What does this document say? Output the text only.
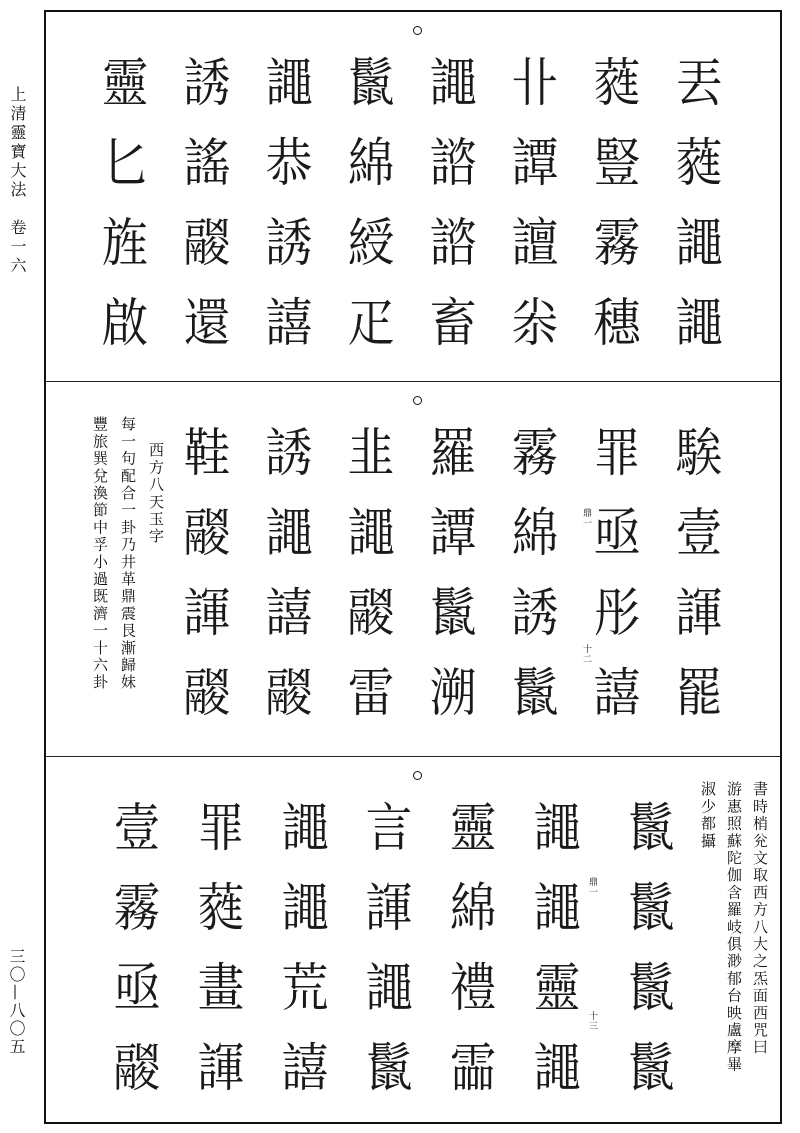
上清靈寶大法　卷一六
三〇—八〇五
丟
蕤
譝
譝
蕤
豎
霧
穗
卝
譚
譠
尜
譝
諮
諮
畜
鬛
綿
綬
疋
譝
恭
誘
譆
誘
謠
鬷
還
靈
匕
旌
啟
騃
壹
諢
罷
罪
亟
彤
譆
鼎一
十二
霧
綿
誘
鬛
羅
譚
鬛
溯
韭
譝
鬷
雷
誘
譝
譆
鬷
鞋
鬷
諢
鬷
西方八天玉字
每一句配合一卦乃井革鼎震艮漸歸妹
豐旅巽兌渙節中孚小過既濟一十六卦
書時梢兊文取西方八大之炁面西咒曰
游惠照蘇陀伽含羅岐俱渺郁台映盧摩畢
淑少都攝
鬛
鬛
鬛
鬛
鼎一
十三
譝
譝
靈
譝
靈
綿
禮
霝
言
諢
譝
鬛
譝
譝
荒
譆
罪
蕤
畫
諢
壹
霧
亟
鬷
